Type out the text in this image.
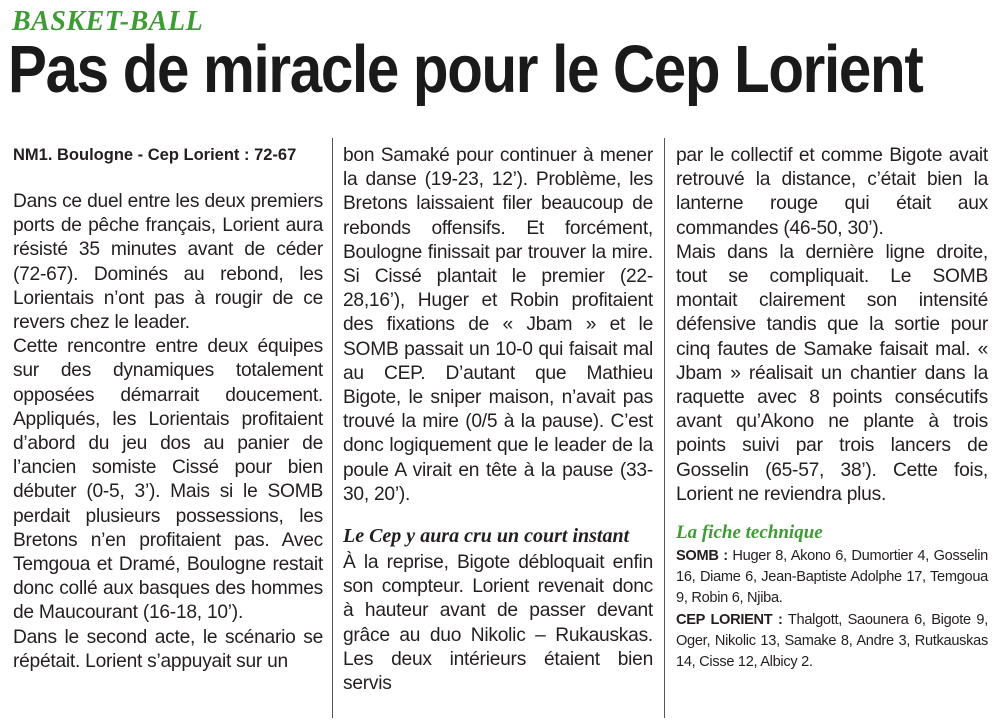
BASKET-BALL
Pas de miracle pour le Cep Lorient
NM1. Boulogne - Cep Lorient : 72-67

Dans ce duel entre les deux premiers ports de pêche français, Lorient aura résisté 35 minutes avant de céder (72-67). Dominés au rebond, les Lorientais n’ont pas à rougir de ce revers chez le leader.

Cette rencontre entre deux équipes sur des dynamiques totalement opposées démarrait doucement. Appliqués, les Lorientais profitaient d’abord du jeu dos au panier de l’ancien somiste Cissé pour bien débuter (0-5, 3’). Mais si le SOMB perdait plusieurs possessions, les Bretons n’en profitaient pas. Avec Temgoua et Dramé, Boulogne restait donc collé aux basques des hommes de Maucourant (16-18, 10’).

Dans le second acte, le scénario se répétait. Lorient s’appuyait sur un

bon Samaké pour continuer à mener la danse (19-23, 12’). Problème, les Bretons laissaient filer beaucoup de rebonds offensifs. Et forcément, Boulogne finissait par trouver la mire. Si Cissé plantait le premier (22-28,16’), Huger et Robin profitaient des fixations de « Jbam » et le SOMB passait un 10-0 qui faisait mal au CEP. D’autant que Mathieu Bigote, le sniper maison, n’avait pas trouvé la mire (0/5 à la pause). C’est donc logiquement que le leader de la poule A virait en tête à la pause (33-30, 20’).

Le Cep y aura cru un court instant

À la reprise, Bigote débloquait enfin son compteur. Lorient revenait donc à hauteur avant de passer devant grâce au duo Nikolic – Rukauskas. Les deux intérieurs étaient bien servis

par le collectif et comme Bigote avait retrouvé la distance, c’était bien la lanterne rouge qui était aux commandes (46-50, 30’).

Mais dans la dernière ligne droite, tout se compliquait. Le SOMB montait clairement son intensité défensive tandis que la sortie pour cinq fautes de Samake faisait mal. « Jbam » réalisait un chantier dans la raquette avec 8 points consécutifs avant qu’Akono ne plante à trois points suivi par trois lancers de Gosselin (65-57, 38’). Cette fois, Lorient ne reviendra plus.

La fiche technique

SOMB : Huger 8, Akono 6, Dumortier 4, Gosselin 16, Diame 6, Jean-Baptiste Adolphe 17, Temgoua 9, Robin 6, Njiba.

CEP LORIENT : Thalgott, Saounera 6, Bigote 9, Oger, Nikolic 13, Samake 8, Andre 3, Rutkauskas 14, Cisse 12, Albicy 2.
